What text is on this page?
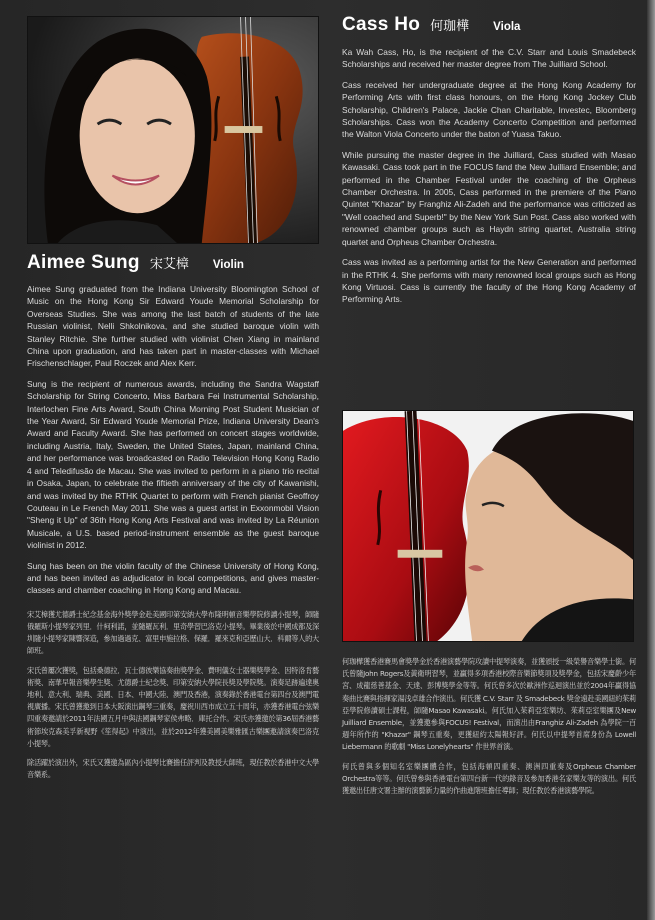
Aimee Sung 宋艾樟 Violin

Aimee Sung graduated from the Indiana University Bloomington School of Music on the Hong Kong Sir Edward Youde Memorial Scholarship for Overseas Studies. She was among the last batch of students of the late Russian violinist, Nelli Shkolnikova, and she studied baroque violin with Stanley Ritchie. She further studied with violinist Chen Xiang in mainland China upon graduation, and has taken part in master-classes with Michael Frischenschlager, Paul Roczek and Alex Kerr.

Sung is the recipient of numerous awards, including the Sandra Wagstaff Scholarship for String Concerto, Miss Barbara Fei Instrumental Scholarship, Interlochen Fine Arts Award, South China Morning Post Student Musician of the Year Award, Sir Edward Youde Memorial Prize, Indiana University Dean's Award and Faculty Award. She has performed on concert stages worldwide, including Austria, Italy, Sweden, the United States, Japan, mainland China, and her performance was broadcasted on Radio Television Hong Kong Radio 4 and Teledifusão de Macau. She was invited to perform in a piano trio recital in Osaka, Japan, to celebrate the fiftieth anniversary of the city of Kawanishi, and was invited by the RTHK Quartet to perform with French pianist Geoffroy Couteau in Le French May 2011. She was a guest artist in Exxonmobil Vision "Sheng it Up" of 36th Hong Kong Arts Festival and was invited by La Réunion Musicale, a U.S. based period-instrument ensemble as the guest baroque violinist in 2012.

Sung has been on the violin faculty of the Chinese University of Hong Kong, and has been invited as adjudicator in local competitions, and gives master-classes and chamber coaching in Hong Kong and Macau.

宋艾樟獲尤德爵士紀念基金海外獎學金赴美國印第安納大學布隆明頓音樂學院修讀小提琴，師隨俄羅斯小提琴家列里．什柯利諾，並隨羅瓦利．里奇學習巴洛克小提琴。畢業後於中國成都及深圳隨小提琴家陳響深造，參加過過克、富里申施拉格、保羅．羅來克和亞歷山大．科爾等人的大師班。

宋氏曾屢次獲獎，包括桑德拉．瓦士德彼樂協奏曲獎學金、費明儀女士器樂獎學金、因特洛肯藝術獎、南華早報音樂學生獎、尤德爵士紀念獎、印第安納大學院長獎及學院獎。演奏足跡遍達奧地利、意大利、瑞典、美國、日本、中國大陸、澳門及香港，演奏錄於香港電台第四台及澳門電視廣播。宋氏曾獲邀到日本大阪演出鋼琴三重奏，慶祝川西市成立五十周年，亦獲香港電台弦樂四重奏邀請於2011年法國五月中與法國鋼琴家侯弗略．庫托合作。宋氏亦獲邀於第36屆香港藝術節埃克森美孚新視野《笙得起》中演出，並於2012年獲美國美樂雅匯古樂團邀請演奏巴洛克小提琴。

除活躍於演出外，宋氏又獲邀為區內小提琴比賽擔任評判及教授大師班，現任教於香港中文大學音樂系。

Cass Ho 何珈樺 Viola

Ka Wah Cass, Ho, is the recipient of the C.V. Starr and Louis Smadebeck Scholarships and received her master degree from The Juilliard School.

Cass received her undergraduate degree at the Hong Kong Academy for Performing Arts with first class honours, on the Hong Kong Jockey Club Scholarship, Children's Palace, Jackie Chan Charitable, Investec, Bloomberg Scholarships. Cass won the Academy Concerto Competition and performed the Walton Viola Concerto under the baton of Yuasa Takuo.

While pursuing the master degree in the Juilliard, Cass studied with Masao Kawasaki. Cass took part in the FOCUS fand the New Juilliard Ensemble; and performed in the Chamber Festival under the coaching of the Orpheus Chamber Orchestra. In 2005, Cass performed in the premiere of the Piano Quintet "Khazar" by Franghiz Ali-Zadeh and the performance was criticized as "Well coached and Superb!" by the New York Sun Post. Cass also worked with renowned chamber groups such as Haydn string quartet, Australia string quartet and Orpheus Chamber Orchestra.

Cass was invited as a performing artist for the New Generation and performed in the RTHK 4. She performs with many renowned local groups such as Hong Kong Virtuosi. Cass is currently the faculty of the Hong Kong Academy of Performing Arts.

何珈樺獲香港賽馬會獎學金於香港演藝學院攻讀中提琴演奏，並獲頒授一級榮譽音樂學士銜。何氏曾隨John Rogers及黃衛明習琴，並贏得多項香港校際音樂節獎項及獎學金，包括宋慶齡少年宮、成龍慈善基金、天達、彭博獎學金等等。何氏曾多次於歐洲作巡迴演出並於2004年贏得協奏曲比賽與指揮家湯浅卓雄合作演出。何氏獲 C.V. Starr 及 Smadebeck 獎金遠赴美國紐約茱莉亞學院修讀碩士課程，師隨Masao Kawasaki。何氏加入茱莉亞室樂坊、茱莉亞室樂團及New Juilliard Ensemble，並獲邀參與FOCUS! Festival，而演出由Franghiz Ali-Zadeh 為學院一百週年所作的 "Khazar" 鋼琴五重奏，更獲紐約太陽報好評。何氏以中提琴首席身份為 Lowell Liebermann 的歌劇 "Miss Lonelyhearts" 作世界首演。

何氏曾與多個知名室樂團體合作，包括海頓四重奏、澳洲四重奏及Orpheus Chamber Orchestra等等。何氏曾參與香港電台第四台新一代的錄音及參加香港名家樂友等的演出。何氏獲邀出任唐文署主辦的演藝新力量的作曲進階班擔任導師；現任教於香港演藝學院。
